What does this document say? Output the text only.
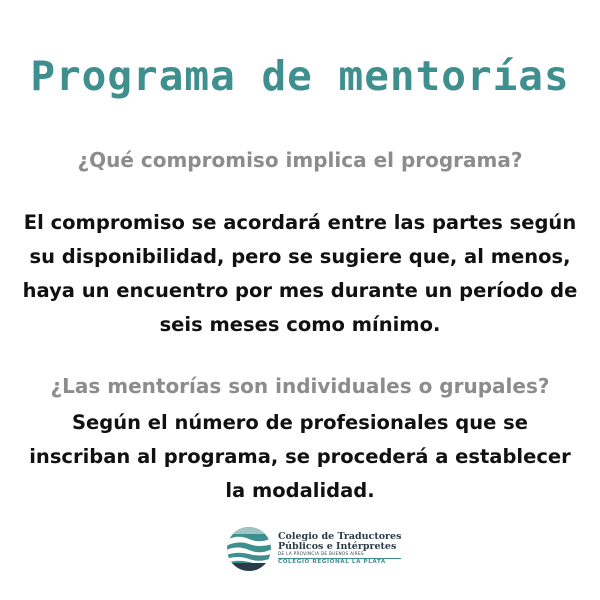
Programa de mentorías

¿Qué compromiso implica el programa?

El compromiso se acordará entre las partes según su disponibilidad, pero se sugiere que, al menos, haya un encuentro por mes durante un período de seis meses como mínimo.

¿Las mentorías son individuales o grupales?

Según el número de profesionales que se inscriban al programa, se procederá a establecer la modalidad.

Colegio de Traductores
Públicos e Intérpretes
DE LA PROVINCIA DE BUENOS AIRES
COLEGIO REGIONAL LA PLATA
